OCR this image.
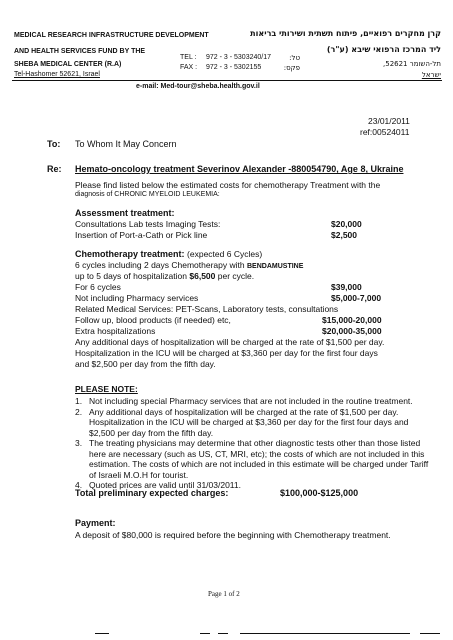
MEDICAL RESEARCH INFRASTRUCTURE DEVELOPMENT
AND HEALTH SERVICES FUND BY THE
SHEBA MEDICAL CENTER (R.A)
Tel-Hashomer 52621, Israel
קרן מחקרים רפואיים, פיתוח תשתית ושירותי בריאות
ליד המרכז הרפואי שיבא (ע"ר)
תל-השומר 52621,
ישראל
TEL : 972 - 3 - 5303240/17	טל:
FAX : 972 - 3 - 5302155	פקס:
e-mail: Med-tour@sheba.health.gov.il
23/01/2011
ref:00524011
To: To Whom It May Concern
Re: Hemato-oncology treatment Severinov Alexander -880054790, Age 8, Ukraine
Please find listed below the estimated costs for chemotherapy Treatment with the
diagnosis of CHRONIC MYELOID LEUKEMIA:
Assessment treatment:
Consultations Lab tests Imaging Tests:	$20,000
Insertion of Port-a-Cath or Pick line	$2,500
Chemotherapy treatment: (expected 6 Cycles)
6 cycles including 2 days Chemotherapy with BENDAMUSTINE
up to 5 days of hospitalization $6,500 per cycle.
For 6 cycles	$39,000
Not including Pharmacy services	$5,000-7,000
Related Medical Services: PET-Scans, Laboratory tests, consultations
Follow up, blood products (if needed) etc,	$15,000-20,000
Extra hospitalizations	$20,000-35,000
Any additional days of hospitalization will be charged at the rate of $1,500 per day.
Hospitalization in the ICU will be charged at $3,360 per day for the first four days
and $2,500 per day from the fifth day.
PLEASE NOTE:
1. Not including special Pharmacy services that are not included in the routine treatment.
2. Any additional days of hospitalization will be charged at the rate of $1,500 per day. Hospitalization in the ICU will be charged at $3,360 per day for the first four days and $2,500 per day from the fifth day.
3. The treating physicians may determine that other diagnostic tests other than those listed here are necessary (such as US, CT, MRI, etc); the costs of which are not included in this estimation. The costs of which are not included in this estimate will be charged under Tariff of Israeli M.O.H for tourist.
4. Quoted prices are valid until 31/03/2011.
Total preliminary expected charges:	$100,000-$125,000
Payment:
A deposit of $80,000 is required before the beginning with Chemotherapy treatment.
Page 1 of 2
